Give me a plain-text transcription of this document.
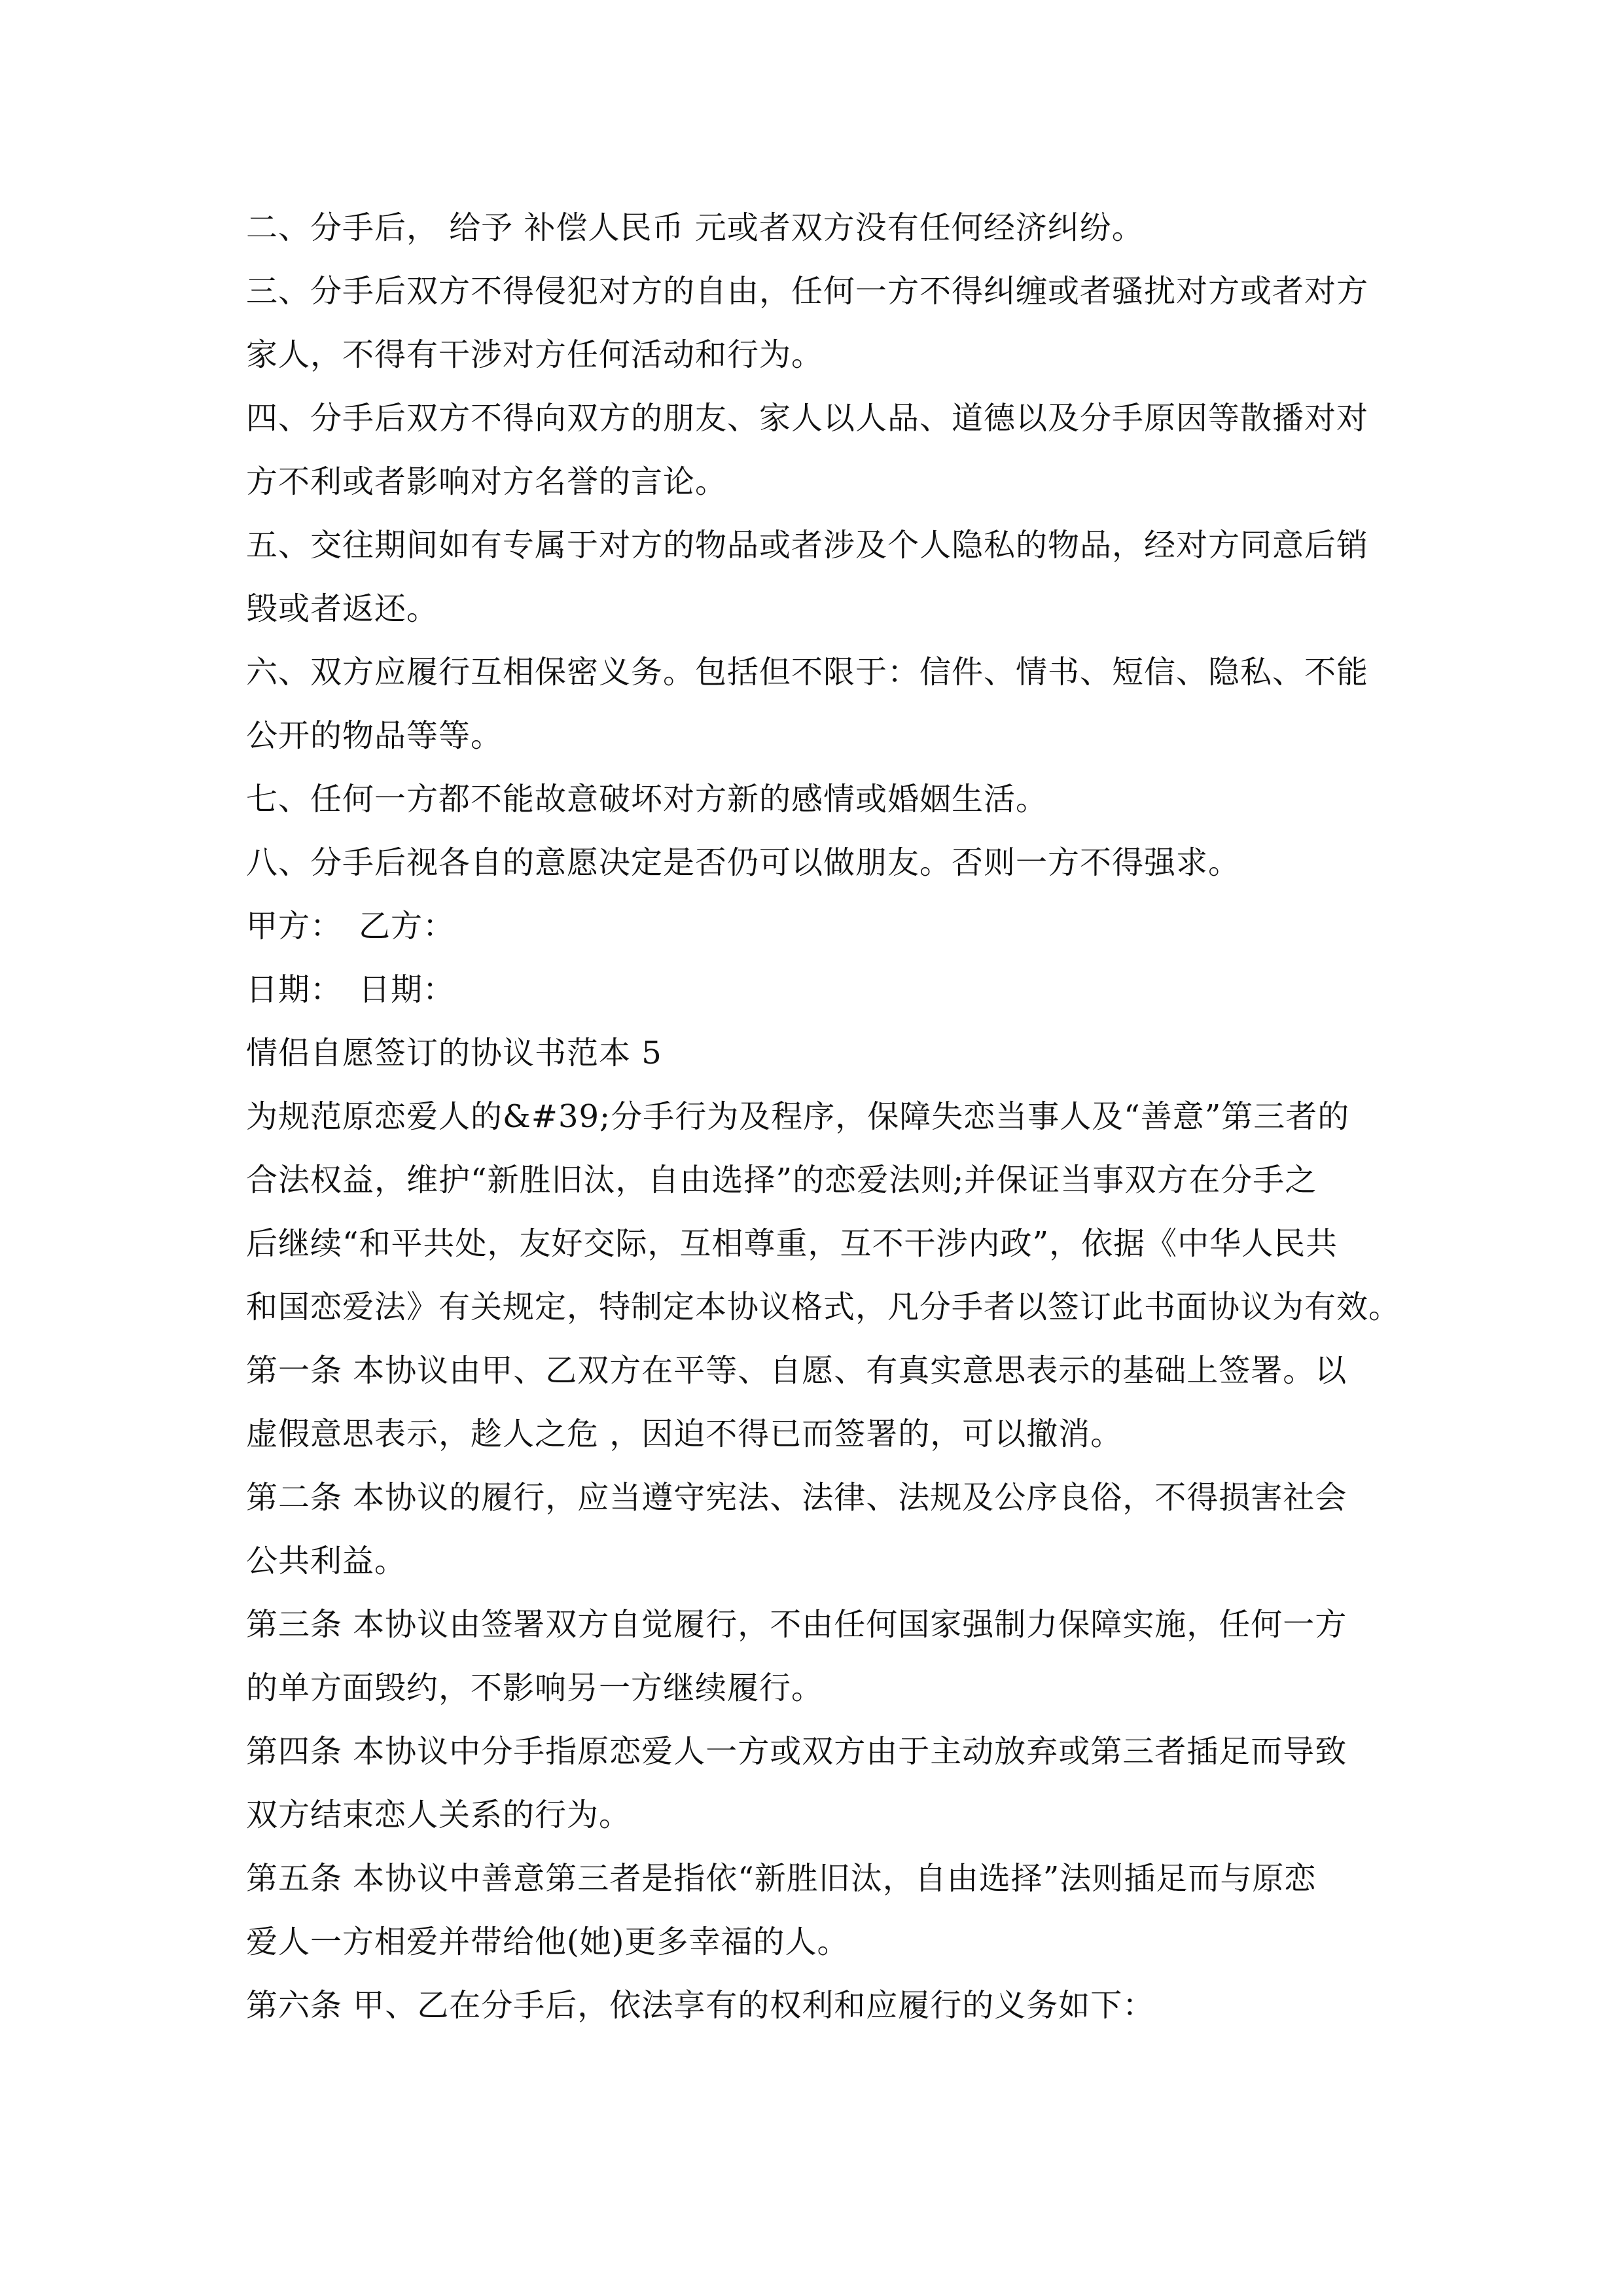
二、分手后， 给予 补偿人民币 元或者双方没有任何经济纠纷。
三、分手后双方不得侵犯对方的自由，任何一方不得纠缠或者骚扰对方或者对方
家人，不得有干涉对方任何活动和行为。
四、分手后双方不得向双方的朋友、家人以人品、道德以及分手原因等散播对对
方不利或者影响对方名誉的言论。
五、交往期间如有专属于对方的物品或者涉及个人隐私的物品，经对方同意后销
毁或者返还。
六、双方应履行互相保密义务。包括但不限于：信件、情书、短信、隐私、不能
公开的物品等等。
七、任何一方都不能故意破坏对方新的感情或婚姻生活。
八、分手后视各自的意愿决定是否仍可以做朋友。否则一方不得强求。
甲方：　乙方：
日期：　日期：
情侣自愿签订的协议书范本 5
为规范原恋爱人的&#39;分手行为及程序，保障失恋当事人及“善意”第三者的
合法权益，维护“新胜旧汰，自由选择”的恋爱法则;并保证当事双方在分手之
后继续“和平共处，友好交际，互相尊重，互不干涉内政”，依据《中华人民共
和国恋爱法》有关规定，特制定本协议格式，凡分手者以签订此书面协议为有效。
第一条 本协议由甲、乙双方在平等、自愿、有真实意思表示的基础上签署。以
虚假意思表示，趁人之危 ，因迫不得已而签署的，可以撤消。
第二条 本协议的履行，应当遵守宪法、法律、法规及公序良俗，不得损害社会
公共利益。
第三条 本协议由签署双方自觉履行，不由任何国家强制力保障实施，任何一方
的单方面毁约，不影响另一方继续履行。
第四条 本协议中分手指原恋爱人一方或双方由于主动放弃或第三者插足而导致
双方结束恋人关系的行为。
第五条 本协议中善意第三者是指依“新胜旧汰，自由选择”法则插足而与原恋
爱人一方相爱并带给他(她)更多幸福的人。
第六条 甲、乙在分手后，依法享有的权利和应履行的义务如下：
